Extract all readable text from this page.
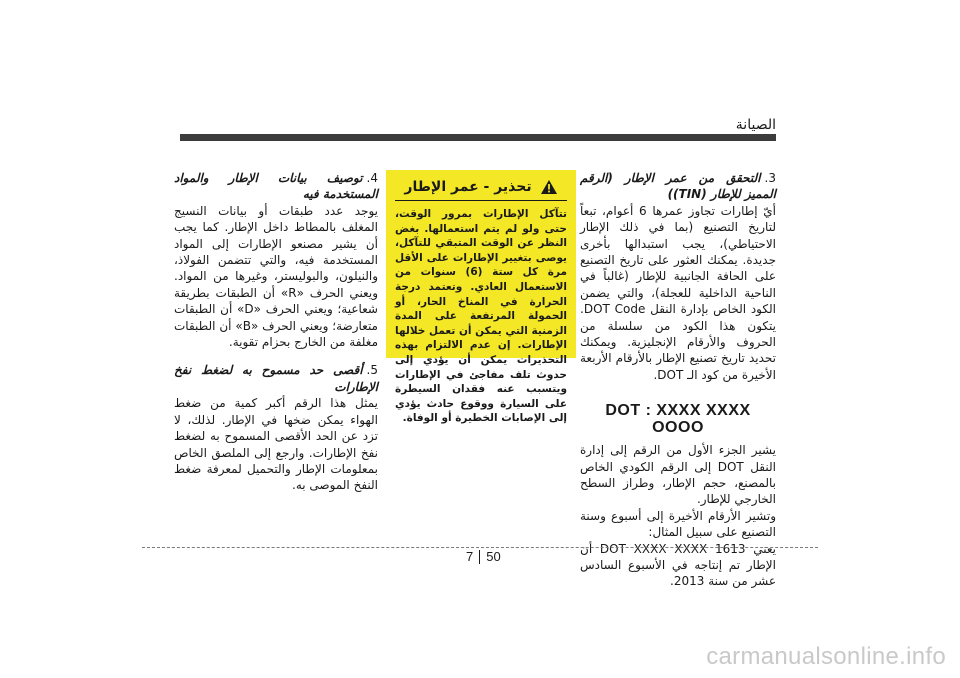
الصيانة

3.التحقق من عمر الإطار (الرقم المميز للإطار (TIN))

أيّ إطارات تجاوز عمرها 6 أعوام، تبعاً لتاريخ التصنيع (بما في ذلك الإطار الاحتياطي)، يجب استبدالها بأخرى جديدة. يمكنك العثور على تاريخ التصنيع على الحافة الجانبية للإطار (غالباً في الناحية الداخلية للعجلة)، والتي يضمن الكود الخاص بإدارة النقل DOT Code. يتكون هذا الكود من سلسلة من الحروف والأرقام الإنجليزية. ويمكنك تحديد تاريخ تصنيع الإطار بالأرقام الأربعة الأخيرة من كود الـ DOT.

DOT : XXXX XXXX OOOO

يشير الجزء الأول من الرقم إلى إدارة النقل DOT إلى الرقم الكودي الخاص بالمصنع، حجم الإطار، وطراز السطح الخارجي للإطار.

وتشير الأرقام الأخيرة إلى أسبوع وسنة التصنيع على سبيل المثال:

يعني DOT XXXX XXXX 1613 أن الإطار تم إنتاجه في الأسبوع السادس عشر من سنة 2013.

تحذير - عمر الإطار
تتآكل الإطارات بمرور الوقت، حتى ولو لم يتم استعمالها. بغض النظر عن الوقت المتبقي للتآكل، يوصى بتغيير الإطارات على الأقل مرة كل ستة (6) سنوات من الاستعمال العادي. وتعتمد درجة الحرارة في المناخ الحار، أو الحمولة المرتفعة على المدة الزمنية التي يمكن أن تعمل خلالها الإطارات. إن عدم الالتزام بهذه التحذيرات يمكن أن يؤدي إلى حدوث تلف مفاجئ في الإطارات ويتسبب عنه فقدان السيطرة على السيارة ووقوع حادث يؤدي إلى الإصابات الخطيرة أو الوفاة.

4.توصيف بيانات الإطار والمواد المستخدمة فيه

يوجد عدد طبقات أو بيانات النسيج المغلف بالمطاط داخل الإطار. كما يجب أن يشير مصنعو الإطارات إلى المواد المستخدمة فيه، والتي تتضمن الفولاذ، والنيلون، والبوليستر، وغيرها من المواد. ويعني الحرف «R» أن الطبقات بطريقة شعاعية؛ ويعني الحرف «D» أن الطبقات متعارضة؛ ويعني الحرف «B» أن الطبقات مغلفة من الخارج بحزام تقوية.

5.أقصى حد مسموح به لضغط نفخ الإطارات

يمثل هذا الرقم أكبر كمية من ضغط الهواء يمكن ضخها في الإطار. لذلك، لا تزد عن الحد الأقصى المسموح به لضغط نفخ الإطارات. وارجع إلى الملصق الخاص بمعلومات الإطار والتحميل لمعرفة ضغط النفخ الموصى به.

7 50
carmanualsonline.info
